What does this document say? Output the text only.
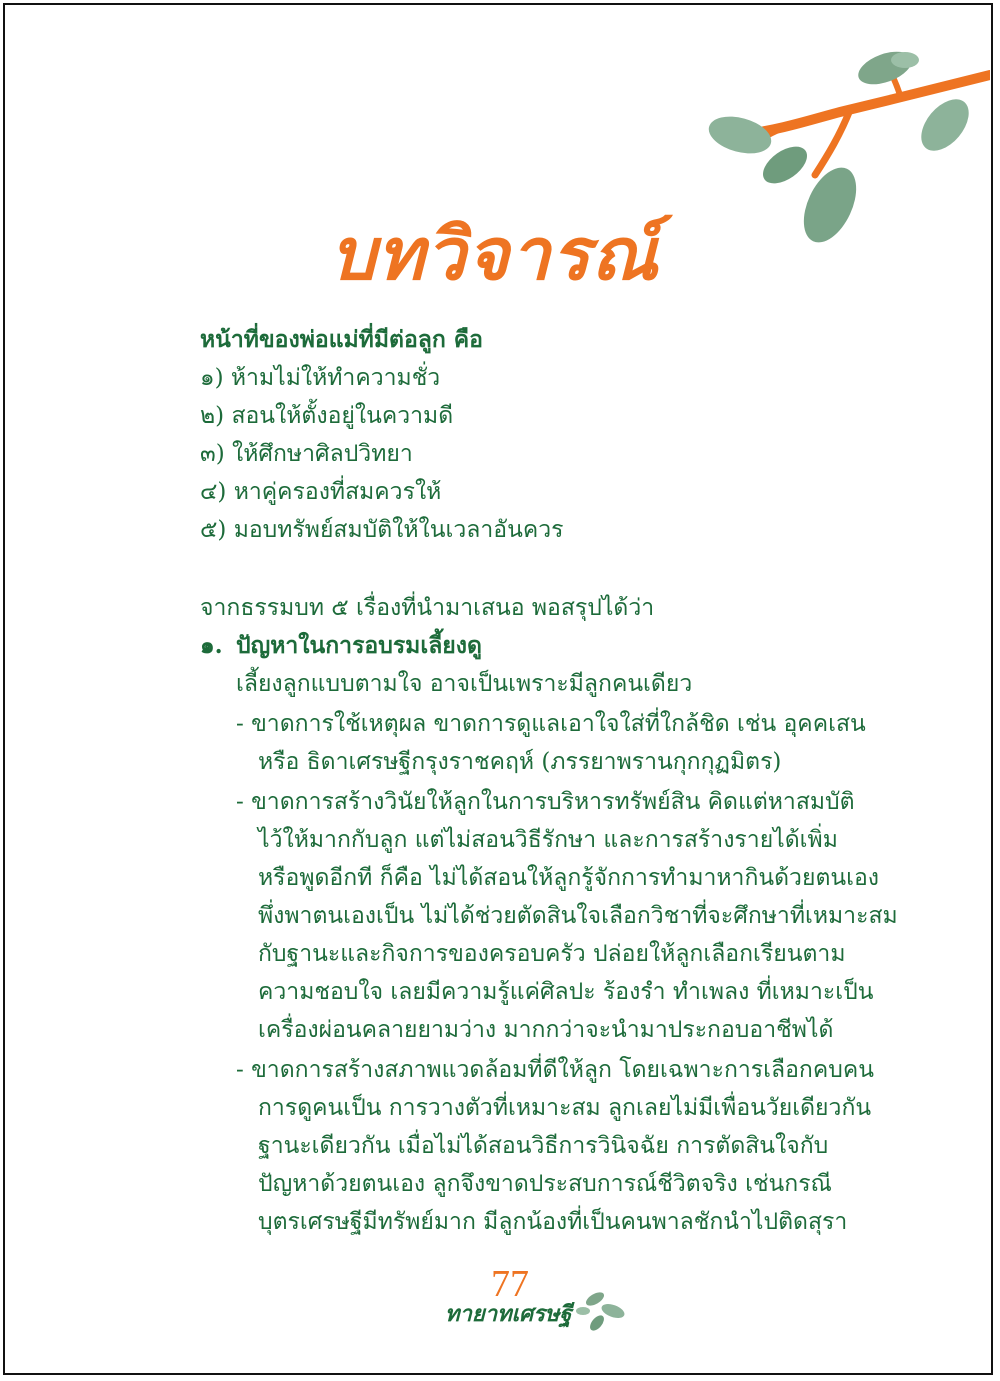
บทวิจารณ์
หน้าที่ของพ่อแม่ที่มีต่อลูก คือ
๑) ห้ามไม่ให้ทำความชั่ว
๒) สอนให้ตั้งอยู่ในความดี
๓) ให้ศึกษาศิลปวิทยา
๔) หาคู่ครองที่สมควรให้
๕) มอบทรัพย์สมบัติให้ในเวลาอันควร
จากธรรมบท ๕ เรื่องที่นำมาเสนอ พอสรุปได้ว่า
๑. ปัญหาในการอบรมเลี้ยงดู
เลี้ยงลูกแบบตามใจ อาจเป็นเพราะมีลูกคนเดียว
- ขาดการใช้เหตุผล ขาดการดูแลเอาใจใส่ที่ใกล้ชิด เช่น อุคคเสน
หรือ ธิดาเศรษฐีกรุงราชคฤห์ (ภรรยาพรานกุกกุฏมิตร)
- ขาดการสร้างวินัยให้ลูกในการบริหารทรัพย์สิน คิดแต่หาสมบัติ
ไว้ให้มากกับลูก แต่ไม่สอนวิธีรักษา และการสร้างรายได้เพิ่ม
หรือพูดอีกที ก็คือ ไม่ได้สอนให้ลูกรู้จักการทำมาหากินด้วยตนเอง
พึ่งพาตนเองเป็น ไม่ได้ช่วยตัดสินใจเลือกวิชาที่จะศึกษาที่เหมาะสม
กับฐานะและกิจการของครอบครัว ปล่อยให้ลูกเลือกเรียนตาม
ความชอบใจ เลยมีความรู้แค่ศิลปะ ร้องรำ ทำเพลง ที่เหมาะเป็น
เครื่องผ่อนคลายยามว่าง มากกว่าจะนำมาประกอบอาชีพได้
- ขาดการสร้างสภาพแวดล้อมที่ดีให้ลูก โดยเฉพาะการเลือกคบคน
การดูคนเป็น การวางตัวที่เหมาะสม ลูกเลยไม่มีเพื่อนวัยเดียวกัน
ฐานะเดียวกัน เมื่อไม่ได้สอนวิธีการวินิจฉัย การตัดสินใจกับ
ปัญหาด้วยตนเอง ลูกจึงขาดประสบการณ์ชีวิตจริง เช่นกรณี
บุตรเศรษฐีมีทรัพย์มาก มีลูกน้องที่เป็นคนพาลชักนำไปติดสุรา
77
ทายาทเศรษฐี
